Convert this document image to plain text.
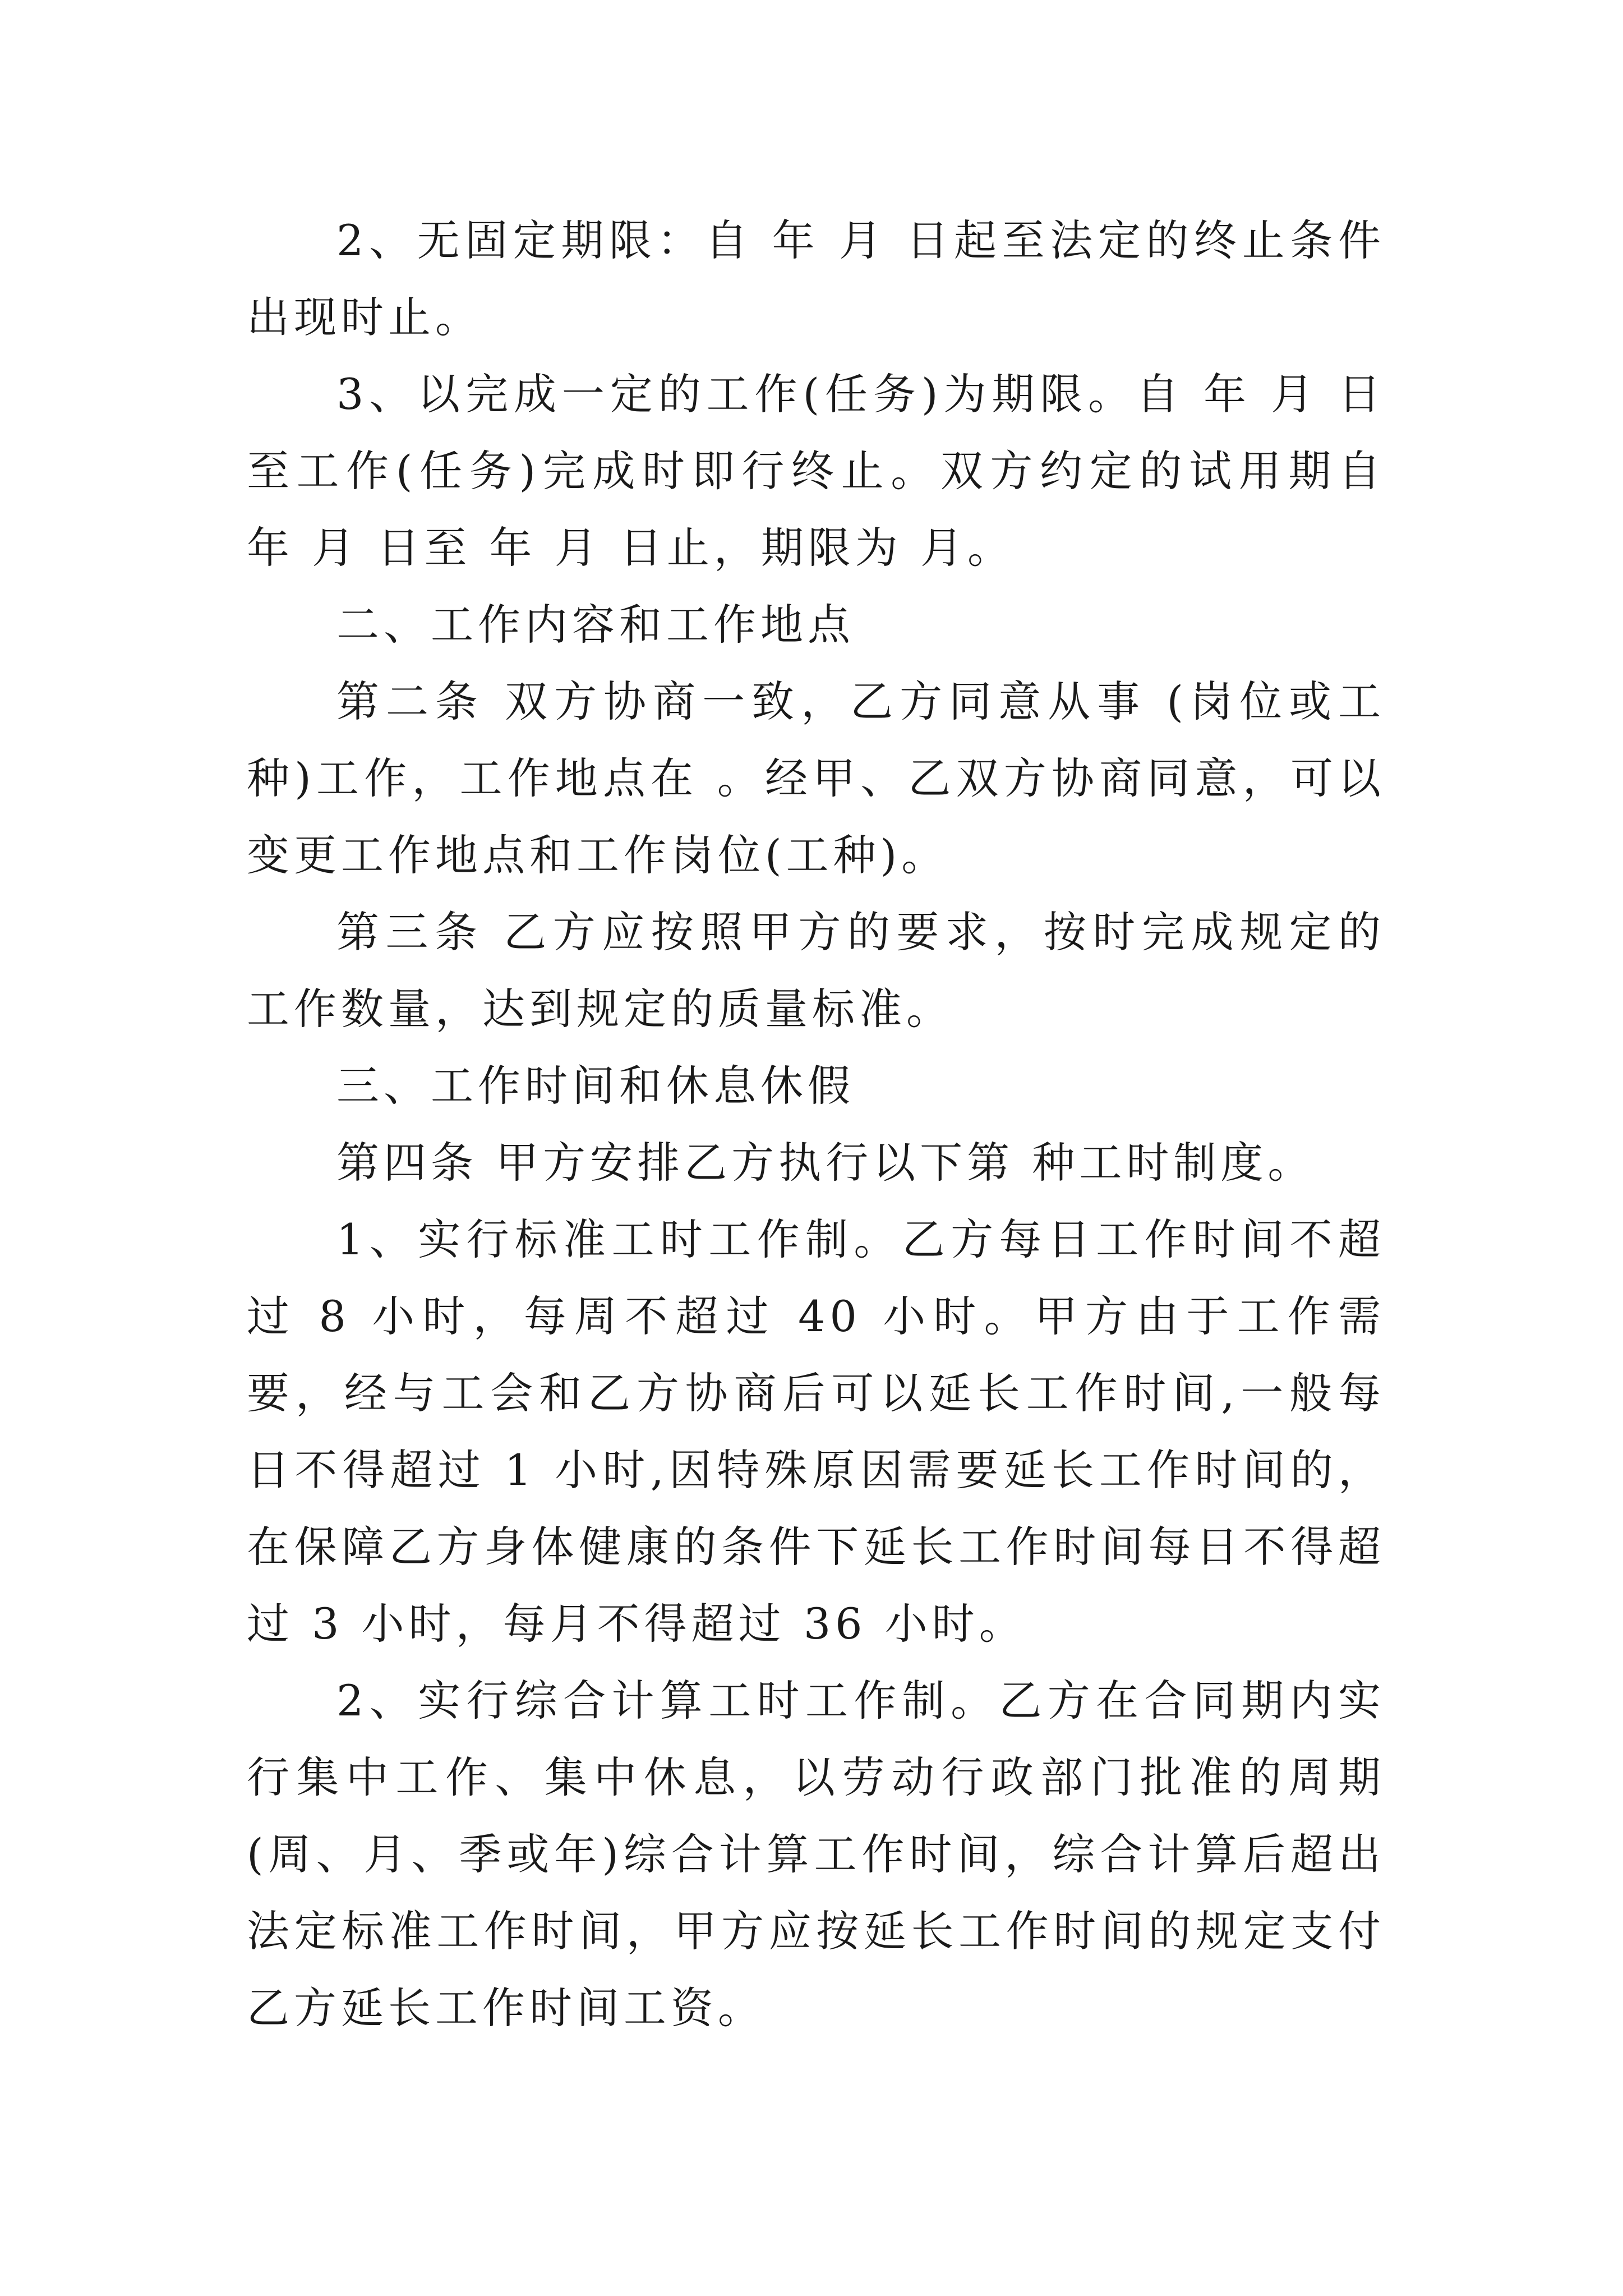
2、无固定期限：自 年 月 日起至法定的终止条件出现时止。

3、以完成一定的工作(任务)为期限。自 年 月 日至工作(任务)完成时即行终止。双方约定的试用期自 年 月 日至 年 月 日止，期限为 月。

二、工作内容和工作地点

第二条 双方协商一致，乙方同意从事 (岗位或工种)工作，工作地点在 。经甲、乙双方协商同意，可以变更工作地点和工作岗位(工种)。

第三条 乙方应按照甲方的要求，按时完成规定的工作数量，达到规定的质量标准。

三、工作时间和休息休假

第四条 甲方安排乙方执行以下第 种工时制度。

1、实行标准工时工作制。乙方每日工作时间不超过 8 小时，每周不超过 40 小时。甲方由于工作需要，经与工会和乙方协商后可以延长工作时间,一般每日不得超过 1 小时,因特殊原因需要延长工作时间的，在保障乙方身体健康的条件下延长工作时间每日不得超过 3 小时，每月不得超过 36 小时。

2、实行综合计算工时工作制。乙方在合同期内实行集中工作、集中休息，以劳动行政部门批准的周期(周、月、季或年)综合计算工作时间，综合计算后超出法定标准工作时间，甲方应按延长工作时间的规定支付乙方延长工作时间工资。
